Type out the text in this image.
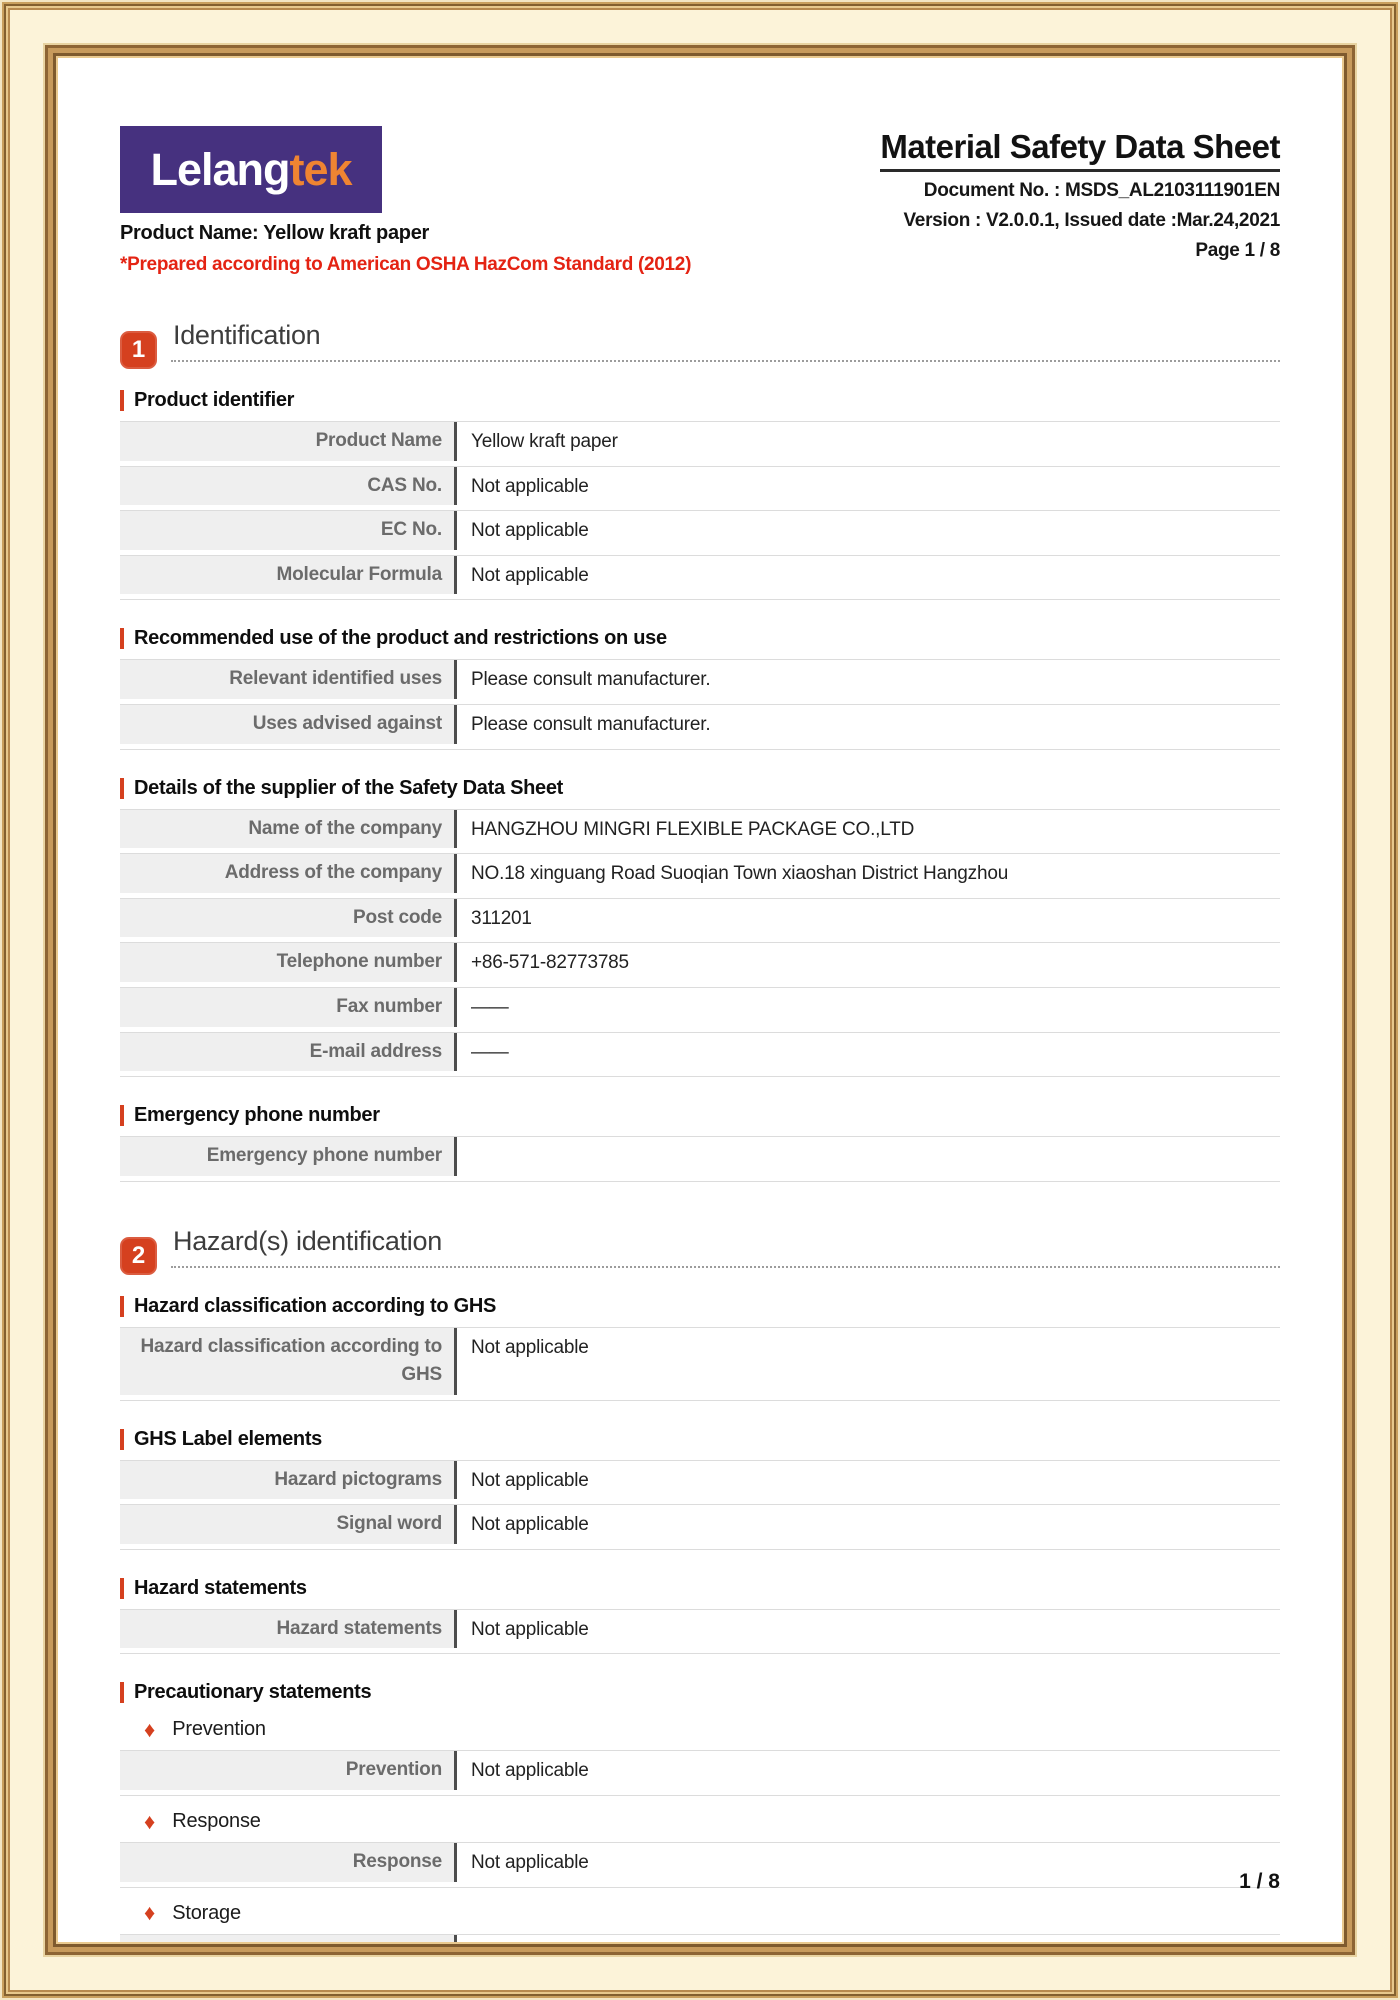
Lelang tek
Product Name: Yellow kraft paper
*Prepared according to American OSHA HazCom Standard (2012)
Material Safety Data Sheet
Document No. : MSDS_AL2103111901EN
Version : V2.0.0.1, Issued date :Mar.24,2021
Page 1 / 8
1	Identification
Product identifier
Product Name	Yellow kraft paper
CAS No.	Not applicable
EC No.	Not applicable
Molecular Formula	Not applicable
Recommended use of the product and restrictions on use
Relevant identified uses	Please consult manufacturer.
Uses advised against	Please consult manufacturer.
Details of the supplier of the Safety Data Sheet
Name of the company	HANGZHOU MINGRI FLEXIBLE PACKAGE CO.,LTD
Address of the company	NO.18 xinguang Road Suoqian Town xiaoshan District Hangzhou
Post code	311201
Telephone number	+86-571-82773785
Fax number	——
E-mail address	——
Emergency phone number
Emergency phone number
2	Hazard(s) identification
Hazard classification according to GHS
Hazard classification according to GHS
Not applicable
GHS Label elements
Hazard pictograms	Not applicable
Signal word	Not applicable
Hazard statements
Hazard statements	Not applicable
Precautionary statements
♦ Prevention
Prevention	Not applicable
♦ Response
Response	Not applicable
♦ Storage
Storage	Not applicable
1 / 8
